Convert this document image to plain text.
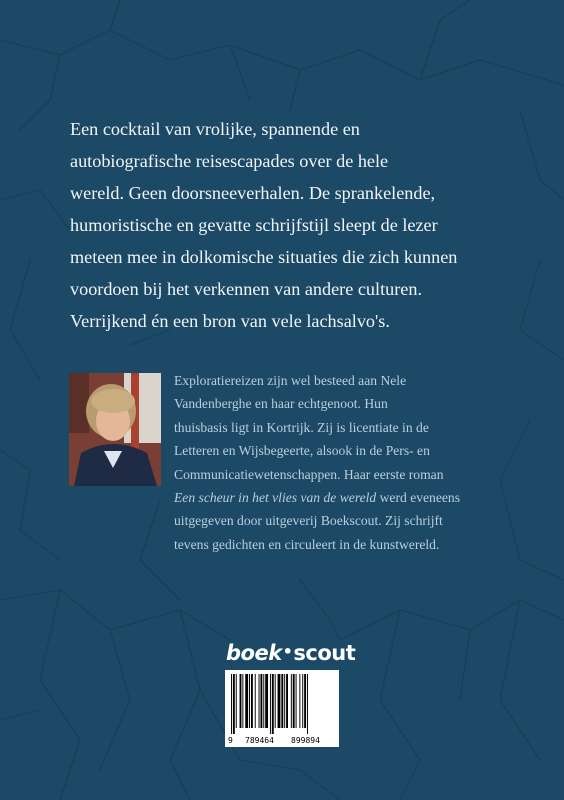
Een cocktail van vrolijke, spannende en
autobiografische reisescapades over de hele
wereld. Geen doorsneeverhalen. De sprankelende,
humoristische en gevatte schrijfstijl sleept de lezer
meteen mee in dolkomische situaties die zich kunnen
voordoen bij het verkennen van andere culturen.
Verrijkend én een bron van vele lachsalvo's.
Exploratiereizen zijn wel besteed aan Nele
Vandenberghe en haar echtgenoot. Hun
thuisbasis ligt in Kortrijk. Zij is licentiate in de
Letteren en Wijsbegeerte, alsook in de Pers- en
Communicatiewetenschappen. Haar eerste roman
Een scheur in het vlies van de wereld werd eveneens
uitgegeven door uitgeverij Boekscout. Zij schrijft
tevens gedichten en circuleert in de kunstwereld.
boek•scout
9 789464 899894
